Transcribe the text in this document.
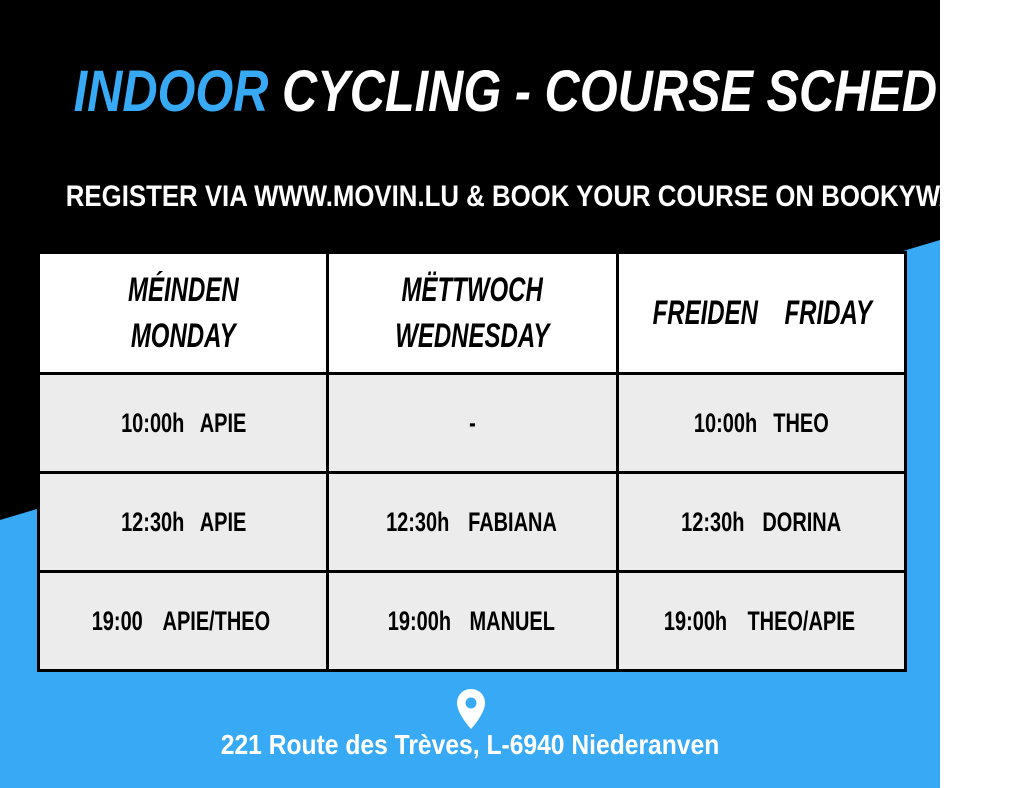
INDOOR CYCLING - COURSE SCHEDULE
REGISTER VIA WWW.MOVIN.LU & BOOK YOUR COURSE ON BOOKYWAY
MÉINDEN MONDAY	MËTTWOCH WEDNESDAY	FREIDEN FRIDAY
10:00h APIE	-	10:00h THEO
12:30h APIE	12:30h FABIANA	12:30h DORINA
19:00 APIE/THEO	19:00h MANUEL	19:00h THEO/APIE
221 Route des Trèves, L-6940 Niederanven
